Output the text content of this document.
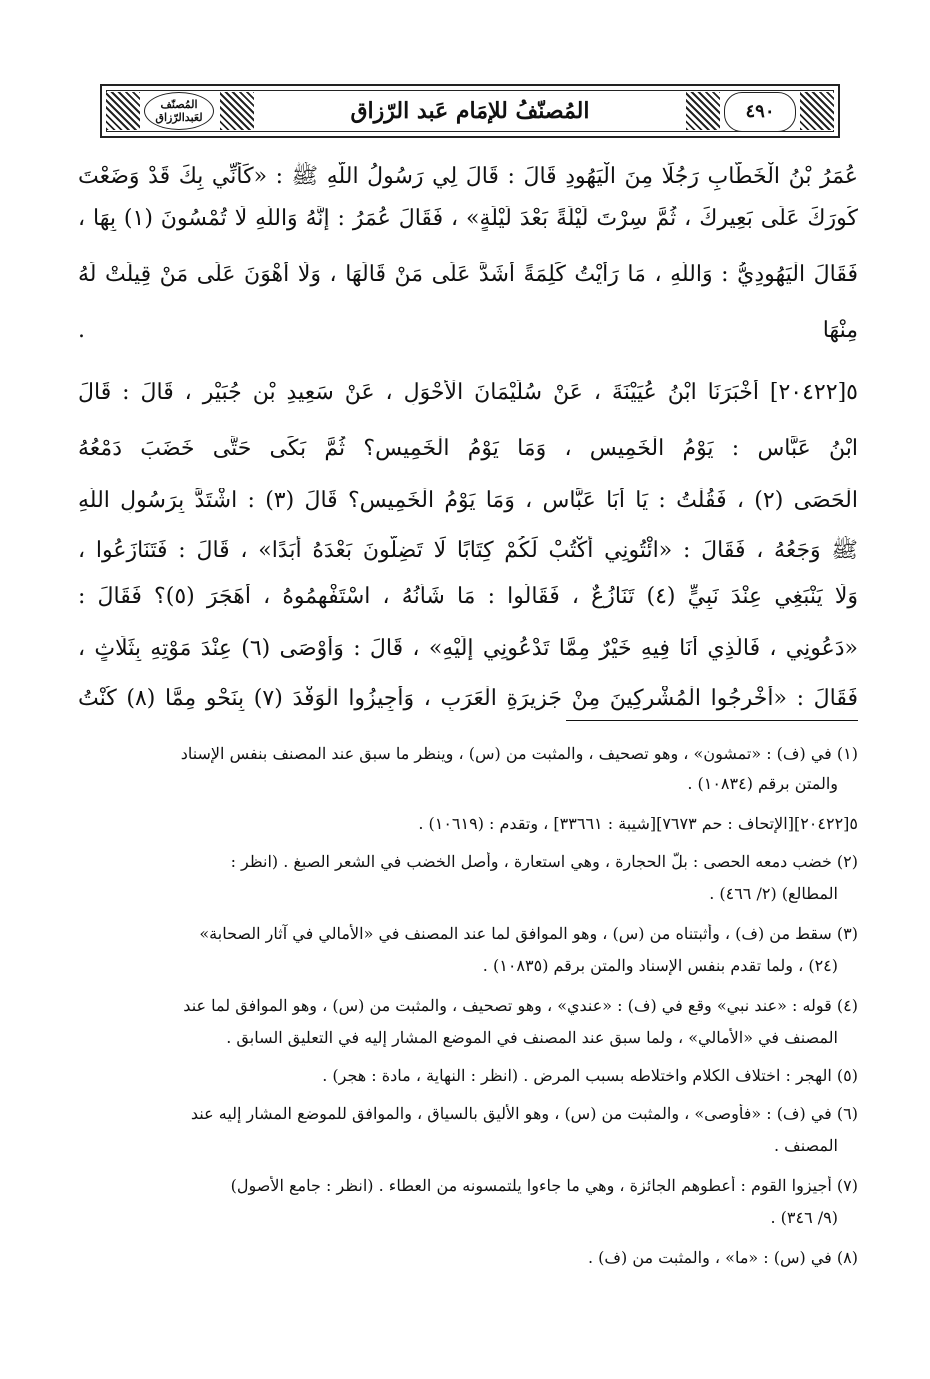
المُصنّف لعَبدالرّزاق	المُصنّفُ للإمَام عَبد الرّزاق	٤٩٠
عُمَرُ بْنُ الْخَطَّابِ رَجُلًا مِنَ الْيَهُودِ قَالَ : قَالَ لِي رَسُولُ اللَّهِ ﷺ : «كَأَنِّي بِكَ قَدْ وَضَعْتَ
كُورَكَ عَلَى بَعِيرِكَ ، ثُمَّ سِرْتَ لَيْلَةً بَعْدَ لَيْلَةٍ» ، فَقَالَ عُمَرُ : إِنَّهُ وَاللَّهِ لَا تُمْسُونَ (١) بِهَا ،
فَقَالَ الْيَهُودِيُّ : وَاللَّهِ ، مَا رَأَيْتُ كَلِمَةً أَشَدَّ عَلَى مَنْ قَالَهَا ، وَلَا أَهْوَنَ عَلَى مَنْ قِيلَتْ لَهُ
مِنْهَا .
٥[٢٠٤٢٢] أَخْبَرَنَا ابْنُ عُيَيْنَةَ ، عَنْ سُلَيْمَانَ الْأَحْوَلِ ، عَنْ سَعِيدِ بْنِ جُبَيْرٍ ، قَالَ : قَالَ
ابْنُ عَبَّاسٍ : يَوْمُ الْخَمِيسِ ، وَمَا يَوْمُ الْخَمِيسِ؟ ثُمَّ بَكَى حَتَّى خَضَبَ دَمْعُهُ
الْحَصَى (٢) ، فَقُلْتُ : يَا أَبَا عَبَّاسٍ ، وَمَا يَوْمُ الْخَمِيسِ؟ قَالَ (٣) : اشْتَدَّ بِرَسُولِ اللَّهِ
ﷺ وَجَعُهُ ، فَقَالَ : «ائْتُونِي أَكْتُبْ لَكُمْ كِتَابًا لَا تَضِلُّونَ بَعْدَهُ أَبَدًا» ، قَالَ : فَتَنَازَعُوا ،
وَلَا يَنْبَغِي عِنْدَ نَبِيٍّ (٤) تَنَازُعٌ ، فَقَالُوا : مَا شَأْنُهُ ، اسْتَفْهِمُوهُ ، أَهَجَرَ (٥)؟ فَقَالَ :
«دَعُونِي ، فَالَّذِي أَنَا فِيهِ خَيْرٌ مِمَّا تَدْعُونِي إِلَيْهِ» ، قَالَ : وَأَوْصَى (٦) عِنْدَ مَوْتِهِ بِثَلَاثٍ ،
فَقَالَ : «أَخْرِجُوا الْمُشْرِكِينَ مِنْ جَزِيرَةِ الْعَرَبِ ، وَأَجِيزُوا الْوَفْدَ (٧) بِنَحْوِ مِمَّا (٨) كُنْتُ
(١) في (ف) : «تمشون» ، وهو تصحيف ، والمثبت من (س) ، وينظر ما سبق عند المصنف بنفس الإسناد
والمتن برقم (١٠٨٣٤) .
٥[٢٠٤٢٢][الإتحاف : حم ٧٦٧٣][شيبة : ٣٣٦٦١] ، وتقدم : (١٠٦١٩) .
(٢) خضب دمعه الحصى : بلّ الحجارة ، وهي استعارة ، وأصل الخضب في الشعر الصبغ . (انظر :
المطالع) (٢/ ٤٦٦) .
(٣) سقط من (ف) ، وأثبتناه من (س) ، وهو الموافق لما عند المصنف في «الأمالي في آثار الصحابة»
(٢٤) ، ولما تقدم بنفس الإسناد والمتن برقم (١٠٨٣٥) .
(٤) قوله : «عند نبي» وقع في (ف) : «عندي» ، وهو تصحيف ، والمثبت من (س) ، وهو الموافق لما عند
المصنف في «الأمالي» ، ولما سبق عند المصنف في الموضع المشار إليه في التعليق السابق .
(٥) الهجر : اختلاف الكلام واختلاطه بسبب المرض . (انظر : النهاية ، مادة : هجر) .
(٦) في (ف) : «فأوصى» ، والمثبت من (س) ، وهو الأليق بالسياق ، والموافق للموضع المشار إليه عند
المصنف .
(٧) أجيزوا القوم : أعطوهم الجائزة ، وهي ما جاءوا يلتمسونه من العطاء . (انظر : جامع الأصول)
(٩/ ٣٤٦) .
(٨) في (س) : «ما» ، والمثبت من (ف) .
